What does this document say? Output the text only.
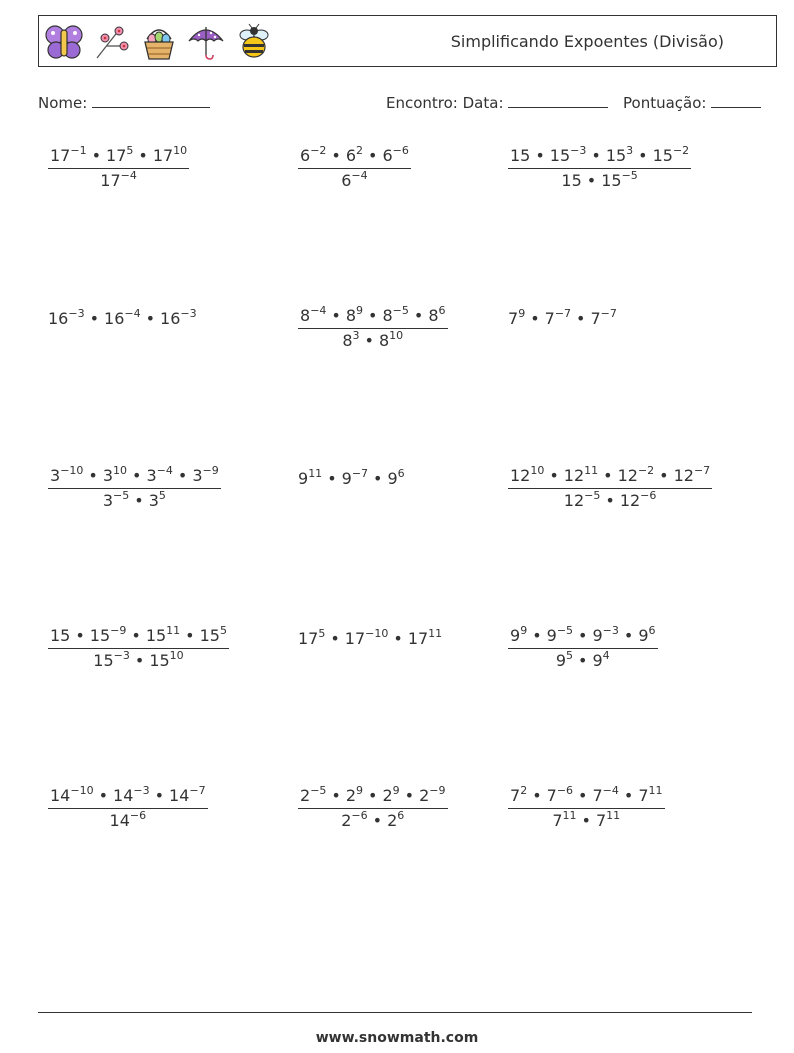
Simplificando Expoentes (Divisão)
Nome:	Encontro: Data:	Pontuação:
$\frac{17^{-1} • 17^5 • 17^{10}}{17^{-4}}$	$\frac{6^{-2} • 6^2 • 6^{-6}}{6^{-4}}$	$\frac{15 • 15^{-3} • 15^3 • 15^{-2}}{15 • 15^{-5}}$
$16^{-3}$ • $16^{-4}$ • $16^{-3}$	$\frac{8^{-4} • 8^9 • 8^{-5} • 8^6}{8^3 • 8^{10}}$	$7^9$ • $7^{-7}$ • $7^{-7}$
$\frac{3^{-10} • 3^{10} • 3^{-4} • 3^{-9}}{3^{-5} • 3^5}$	$9^{11}$ • $9^{-7}$ • $9^6$	$\frac{12^{10} • 12^{11} • 12^{-2} • 12^{-7}}{12^{-5} • 12^{-6}}$
$\frac{15 • 15^{-9} • 15^{11} • 15^5}{15^{-3} • 15^{10}}$	$17^5$ • $17^{-10}$ • $17^{11}$	$\frac{9^9 • 9^{-5} • 9^{-3} • 9^6}{9^5 • 9^4}$
$\frac{14^{-10} • 14^{-3} • 14^{-7}}{14^{-6}}$	$\frac{2^{-5} • 2^9 • 2^9 • 2^{-9}}{2^{-6} • 2^6}$	$\frac{7^2 • 7^{-6} • 7^{-4} • 7^{11}}{7^{11} • 7^{11}}$
www.snowmath.com
